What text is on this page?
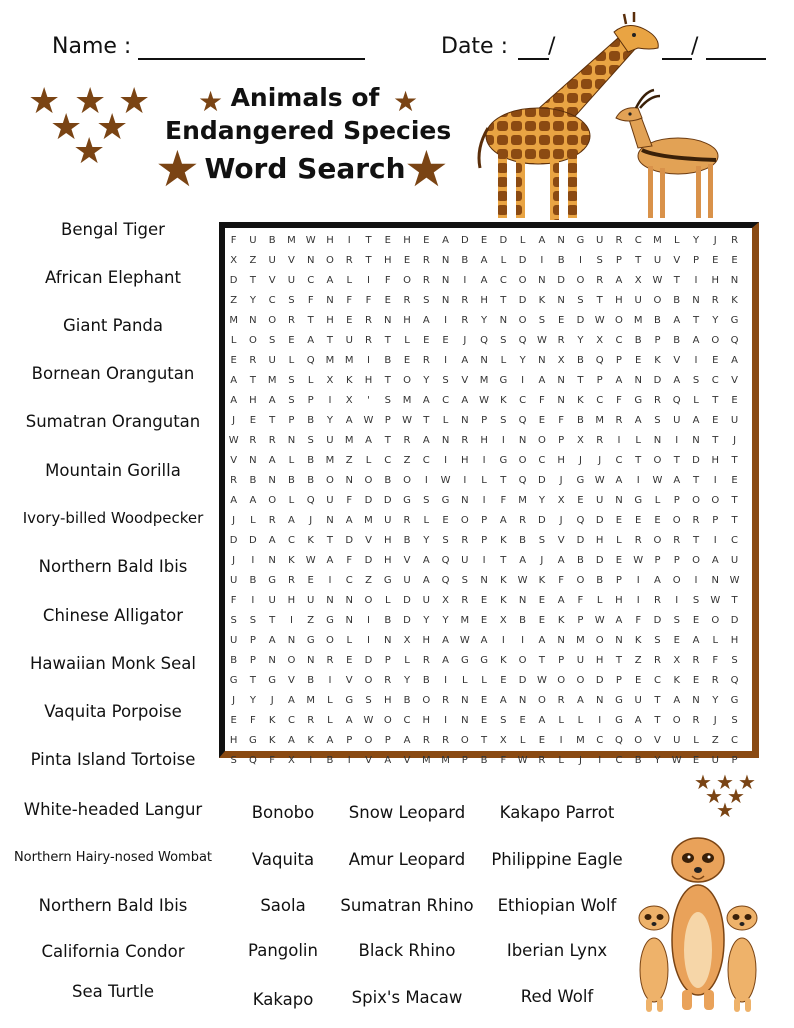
Name :	Date : /	/
★ ★ ★
★ ★
★
★	★
★	★
Animals of
Endangered Species
Word Search
F	U	B	M	W	H	I	T	E	H	E	A	D	E	D	L	A	N	G	U	R	C	M	L	Y	J	R
X	Z	U	V	N	O	R	T	H	E	R	N	B	A	L	D	I	B	I	S	P	T	U	V	P	E	E
D	T	V	U	C	A	L	I	F	O	R	N	I	A	C	O	N	D	O	R	A	X	W	T	I	H	N
Z	Y	C	S	F	N	F	F	E	R	S	N	R	H	T	D	K	N	S	T	H	U	O	B	N	R	K
M	N	O	R	T	H	E	R	N	H	A	I	R	Y	N	O	S	E	D	W	O	M	B	A	T	Y	G
L	O	S	E	A	T	U	R	T	L	E	E	J	Q	S	Q	W	R	Y	X	C	B	P	B	A	O	Q
E	R	U	L	Q	M	M	I	B	E	R	I	A	N	L	Y	N	X	B	Q	P	E	K	V	I	E	A
A	T	M	S	L	X	K	H	T	O	Y	S	V	M	G	I	A	N	T	P	A	N	D	A	S	C	V
A	H	A	S	P	I	X	'	S	M	A	C	A	W	K	C	F	N	K	C	F	G	R	Q	L	T	E
J	E	T	P	B	Y	A	W	P	W	T	L	N	P	S	Q	E	F	B	M	R	A	S	U	A	E	U
W	R	R	N	S	U	M	A	T	R	A	N	R	H	I	N	O	P	X	R	I	L	N	I	N	T	J
V	N	A	L	B	M	Z	L	C	Z	C	I	H	I	G	O	C	H	J	J	C	T	O	T	D	H	T
R	B	N	B	B	O	N	O	B	O	I	W	I	L	T	Q	D	J	G	W	A	I	W	A	T	I	E
A	A	O	L	Q	U	F	D	D	G	S	G	N	I	F	M	Y	X	E	U	N	G	L	P	O	O	T
J	L	R	A	J	N	A	M	U	R	L	E	O	P	A	R	D	J	Q	D	E	E	E	O	R	P	T
D	D	A	C	K	T	D	V	H	B	Y	S	R	P	K	B	S	V	D	H	L	R	O	R	T	I	C
J	I	N	K	W	A	F	D	H	V	A	Q	U	I	T	A	J	A	B	D	E	W	P	P	O	A	U
U	B	G	R	E	I	C	Z	G	U	A	Q	S	N	K	W	K	F	O	B	P	I	A	O	I	N	W
F	I	U	H	U	N	N	O	L	D	U	X	R	E	K	N	E	A	F	L	H	I	R	I	S	W	T
S	S	T	I	Z	G	N	I	B	D	Y	Y	M	E	X	B	E	K	P	W	A	F	D	S	E	O	D
U	P	A	N	G	O	L	I	N	X	H	A	W	A	I	I	A	N	M	O	N	K	S	E	A	L	H
B	P	N	O	N	R	E	D	P	L	R	A	G	G	K	O	T	P	U	H	T	Z	R	X	R	F	S
G	T	G	V	B	I	V	O	R	Y	B	I	L	L	E	D	W	O	O	D	P	E	C	K	E	R	Q
J	Y	J	A	M	L	G	S	H	B	O	R	N	E	A	N	O	R	A	N	G	U	T	A	N	Y	G
E	F	K	C	R	L	A	W	O	C	H	I	N	E	S	E	A	L	L	I	G	A	T	O	R	J	S
H	G	K	A	K	A	P	O	P	A	R	R	O	T	X	L	E	I	M	C	Q	O	V	U	L	Z	C
S	Q	F	X	I	B	I	V	A	V	M	M	P	B	F	W	R	L	J	I	C	B	Y	W	E	U	P
Bengal Tiger
African Elephant
Giant Panda
Bornean Orangutan
Sumatran Orangutan
Mountain Gorilla
Ivory-billed Woodpecker
Northern Bald Ibis
Chinese Alligator
Hawaiian Monk Seal
Vaquita Porpoise
Pinta Island Tortoise
White-headed Langur
Northern Hairy-nosed Wombat
Northern Bald Ibis
California Condor
Sea Turtle
Bonobo
Vaquita
Saola
Pangolin
Kakapo
Snow Leopard
Amur Leopard
Sumatran Rhino
Black Rhino
Spix's Macaw
Kakapo Parrot
Philippine Eagle
Ethiopian Wolf
Iberian Lynx
Red Wolf
★ ★ ★
★ ★
★
